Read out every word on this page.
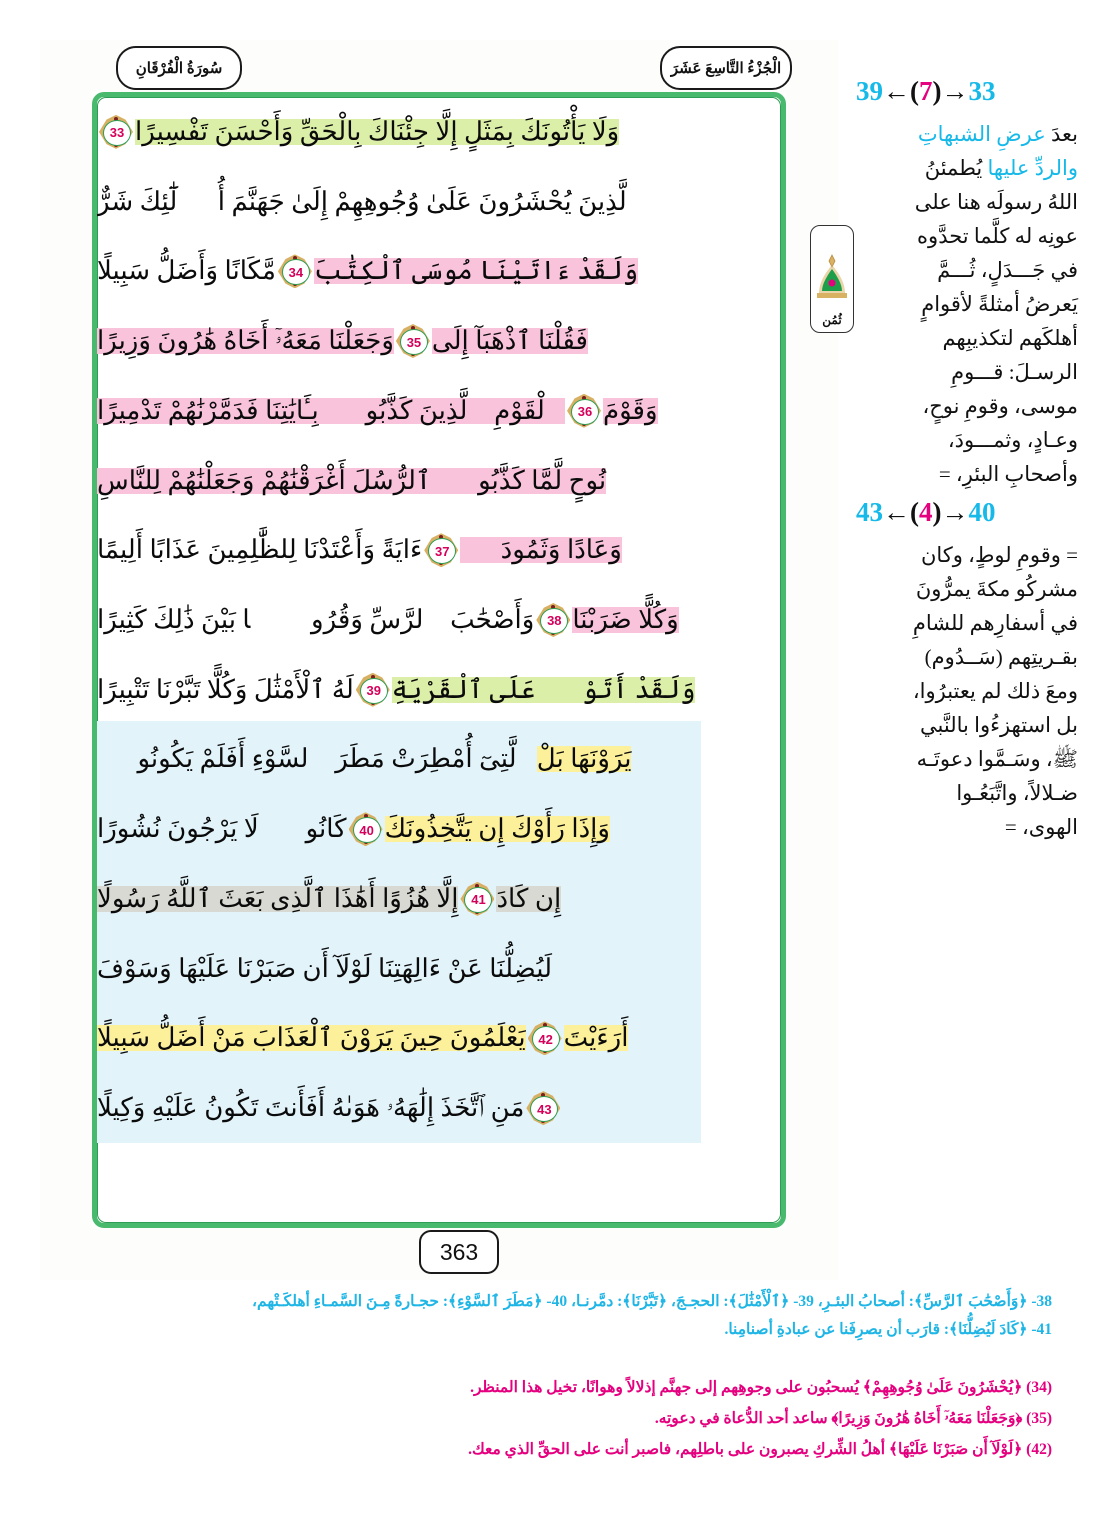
سُورَةُ الْفُرْقَانِ	الْجُزْءُ التَّاسِعَ عَشَرَ
363
ثُمُن
وَلَا يَأْتُونَكَ بِمَثَلٍ إِلَّا جِئْنَاكَ بِالْحَقِّ وَأَحْسَنَ تَفْسِيرًا
33
ٱلَّذِينَ يُحْشَرُونَ عَلَىٰ وُجُوهِهِمْ إِلَىٰ جَهَنَّمَ أُو۟لَٰٓئِكَ شَرٌّ
وَلَقَدْ ءَاتَيْنَا مُوسَى ٱلْكِتَٰبَ
34
مَّكَانًا وَأَضَلُّ سَبِيلًا
فَقُلْنَا ٱذْهَبَآ إِلَى
35
وَجَعَلْنَا مَعَهُۥٓ أَخَاهُ هَٰرُونَ وَزِيرًا
وَقَوْمَ
36
ٱلْقَوْمِ ٱلَّذِينَ كَذَّبُوا۟ بِـَٔايَٰتِنَا فَدَمَّرْنَٰهُمْ تَدْمِيرًا
نُوحٍ لَّمَّا كَذَّبُوا۟ ٱلرُّسُلَ أَغْرَقْنَٰهُمْ وَجَعَلْنَٰهُمْ لِلنَّاسِ
وَعَادًا وَثَمُودَا۟
37
ءَايَةً وَأَعْتَدْنَا لِلظَّٰلِمِينَ عَذَابًا أَلِيمًا
وَكُلًّا ضَرَبْنَا
38
وَأَصْحَٰبَ ٱلرَّسِّ وَقُرُونًۢا بَيْنَ ذَٰلِكَ كَثِيرًا
وَلَقَدْ أَتَوْا۟ عَلَى ٱلْقَرْيَةِ
39
لَهُ ٱلْأَمْثَٰلَ وَكُلًّا تَبَّرْنَا تَتْبِيرًا
يَرَوْنَهَا بَلْ
ٱلَّتِىٓ أُمْطِرَتْ مَطَرَ ٱلسَّوْءِ أَفَلَمْ يَكُونُوا۟
وَإِذَا رَأَوْكَ إِن يَتَّخِذُونَكَ
40
كَانُوا۟ لَا يَرْجُونَ نُشُورًا
إِن كَادَ
41
إِلَّا هُزُوًا أَهَٰذَا ٱلَّذِى بَعَثَ ٱللَّهُ رَسُولًا
لَيُضِلُّنَا عَنْ ءَالِهَتِنَا لَوْلَآ أَن صَبَرْنَا عَلَيْهَا وَسَوْفَ
أَرَءَيْتَ
42
يَعْلَمُونَ حِينَ يَرَوْنَ ٱلْعَذَابَ مَنْ أَضَلُّ سَبِيلًا
43
مَنِ ٱتَّخَذَ إِلَٰهَهُۥ هَوَىٰهُ أَفَأَنتَ تَكُونُ عَلَيْهِ وَكِيلًا
39 ← (7) → 33
بعدَ عرضِ الشبهاتِ
والردِّ عليها يُطمئنُ
اللهُ رسولَه هنا على
عونِه له كلَّما تحدَّوه
في جَـــدَلٍ، ثُـــمَّ
يَعرضُ أمثلةً لأقوامٍ
أهلكَهم لتكذيبِهم
الرسـلَ: قـــومِ
موسى، وقومِ نوحٍ،
وعـادٍ، وثمـــودَ،
وأصحابِ البئرِ، =
43 ← (4) → 40
= وقومِ لوطٍ، وكان
مشركُو مكةَ يمرُّونَ
في أسفارِهم للشامِ
بقـريتِهم (سَــدُوم)
ومعَ ذلك لم يعتبرُوا،
بل استهزءُوا بالنَّبي
ﷺ، وسَـمَّوا دعوتَـه
ضـلالاً، واتَّبَعُـوا
الهوى، =
38- ﴿وَأَصْحَٰبَ ٱلرَّسِّ﴾: أصحابُ البئـرِ، 39- ﴿ٱلْأَمْثَٰلَ﴾: الحجـجَ، ﴿تَبَّرْنَا﴾: دمَّرنـا، 40- ﴿مَطَرَ ٱلسَّوْءِ﴾: حجـارةً مِـنَ السَّمـاءِ أهلكَـتْهم،
41- ﴿كَادَ لَيُضِلُّنَا﴾: قارَب أن يصرِفَنا عن عبادةِ أصنامِنا.
(34) ﴿يُحْشَرُونَ عَلَىٰ وُجُوهِهِمْ﴾ يُسحبُون على وجوهِهم إلى جهنَّم إذلالاً وهوانًا، تخيل هذا المنظر.
(35) ﴿وَجَعَلْنَا مَعَهُۥٓ أَخَاهُ هَٰرُونَ وَزِيرًا﴾ ساعد أحد الدُّعاة في دعوتِه.
(42) ﴿لَوْلَآ أَن صَبَرْنَا عَلَيْهَا﴾ أهلُ الشِّركِ يصبرون على باطلِهم، فاصبر أنت على الحقِّ الذي معك.
